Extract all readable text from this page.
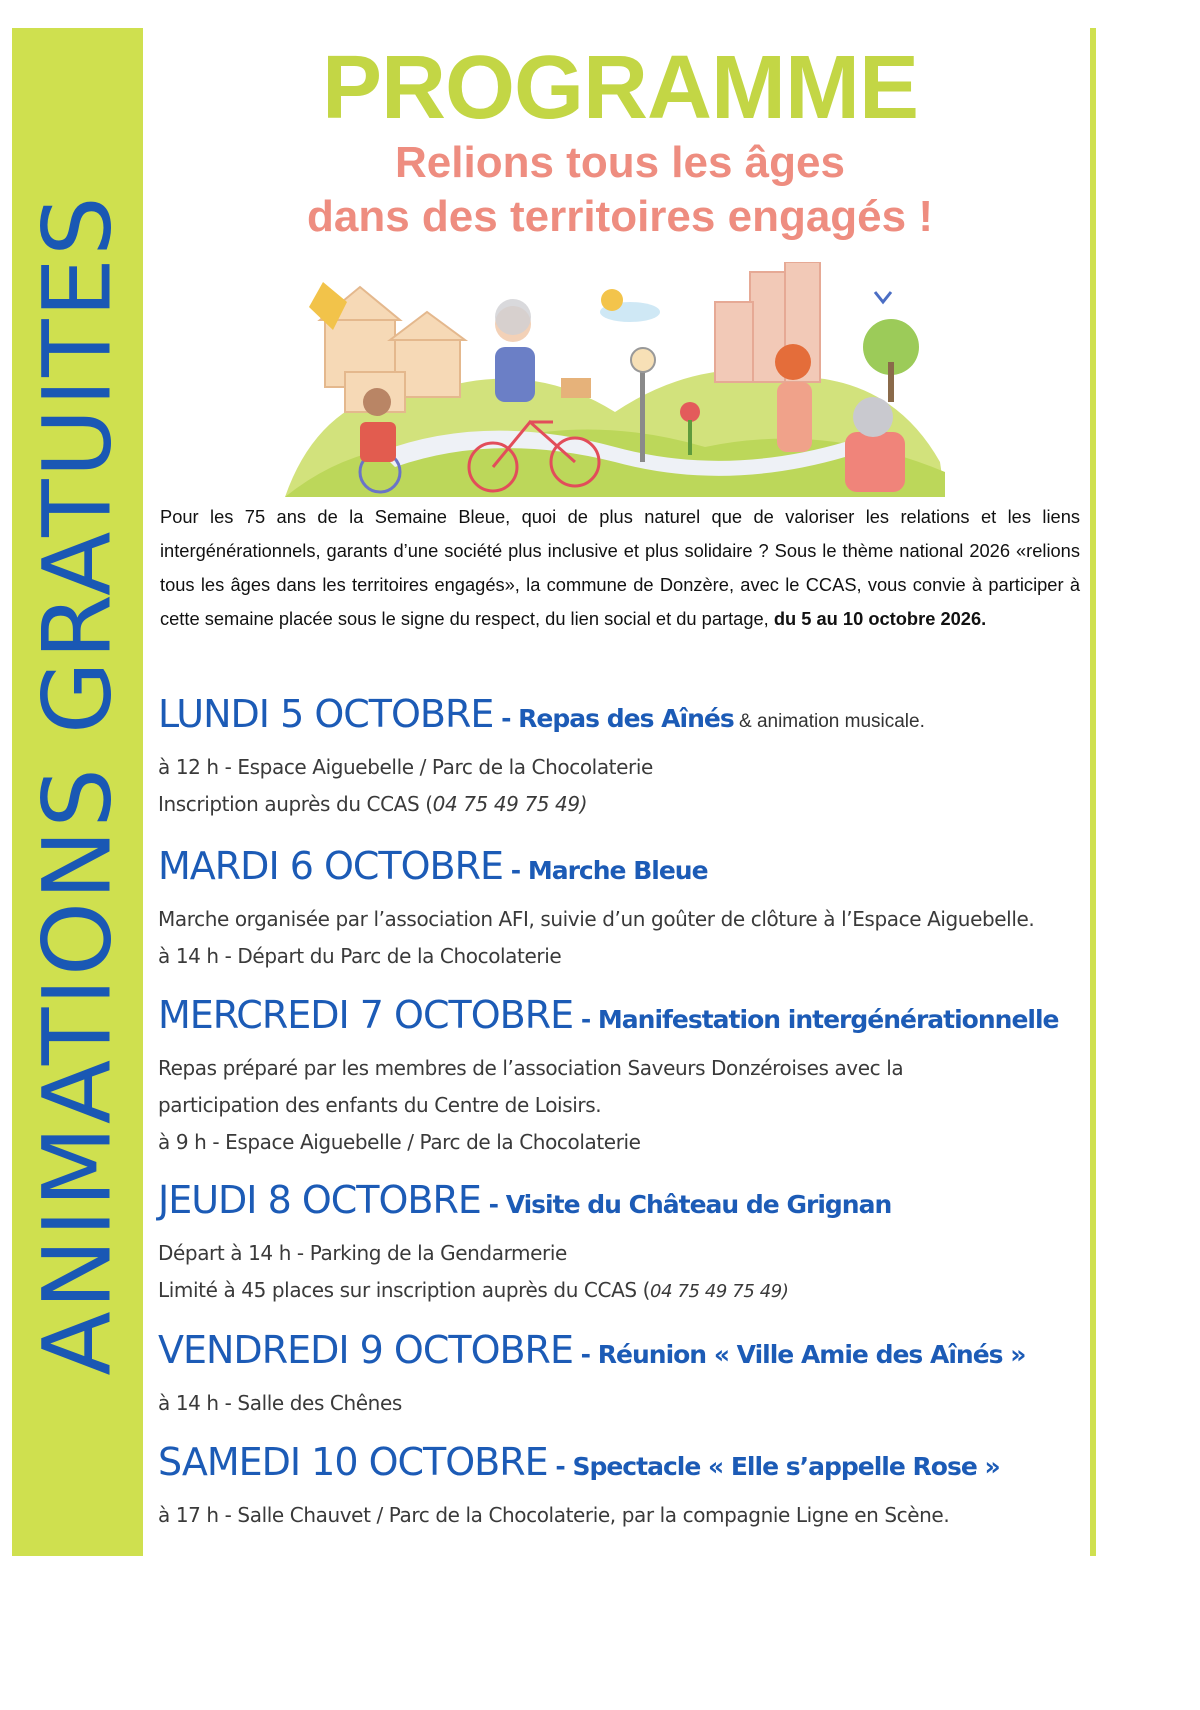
ANIMATIONS GRATUITES
PROGRAMME
Relions tous les âges
dans des territoires engagés !

Pour les 75 ans de la Semaine Bleue, quoi de plus naturel que de valoriser les relations et les liens intergénérationnels, garants d’une société plus inclusive et plus solidaire ? Sous le thème national 2026 «relions tous les âges dans les territoires engagés», la commune de Donzère, avec le CCAS, vous convie à participer à cette semaine placée sous le signe du respect, du lien social et du partage, du 5 au 10 octobre 2026.

LUNDI 5 OCTOBRE - Repas des Aînés & animation musicale.
à 12 h - Espace Aiguebelle / Parc de la Chocolaterie
Inscription auprès du CCAS (04 75 49 75 49)
MARDI 6 OCTOBRE - Marche Bleue
Marche organisée par l’association AFI, suivie d’un goûter de clôture à l’Espace Aiguebelle.
à 14 h - Départ du Parc de la Chocolaterie
MERCREDI 7 OCTOBRE - Manifestation intergénérationnelle
Repas préparé par les membres de l’association Saveurs Donzéroises avec la
participation des enfants du Centre de Loisirs.
à 9 h - Espace Aiguebelle / Parc de la Chocolaterie
JEUDI 8 OCTOBRE - Visite du Château de Grignan
Départ à 14 h - Parking de la Gendarmerie
Limité à 45 places sur inscription auprès du CCAS (04 75 49 75 49)
VENDREDI 9 OCTOBRE - Réunion « Ville Amie des Aînés »
à 14 h - Salle des Chênes
SAMEDI 10 OCTOBRE - Spectacle « Elle s’appelle Rose »
à 17 h - Salle Chauvet / Parc de la Chocolaterie, par la compagnie Ligne en Scène.
